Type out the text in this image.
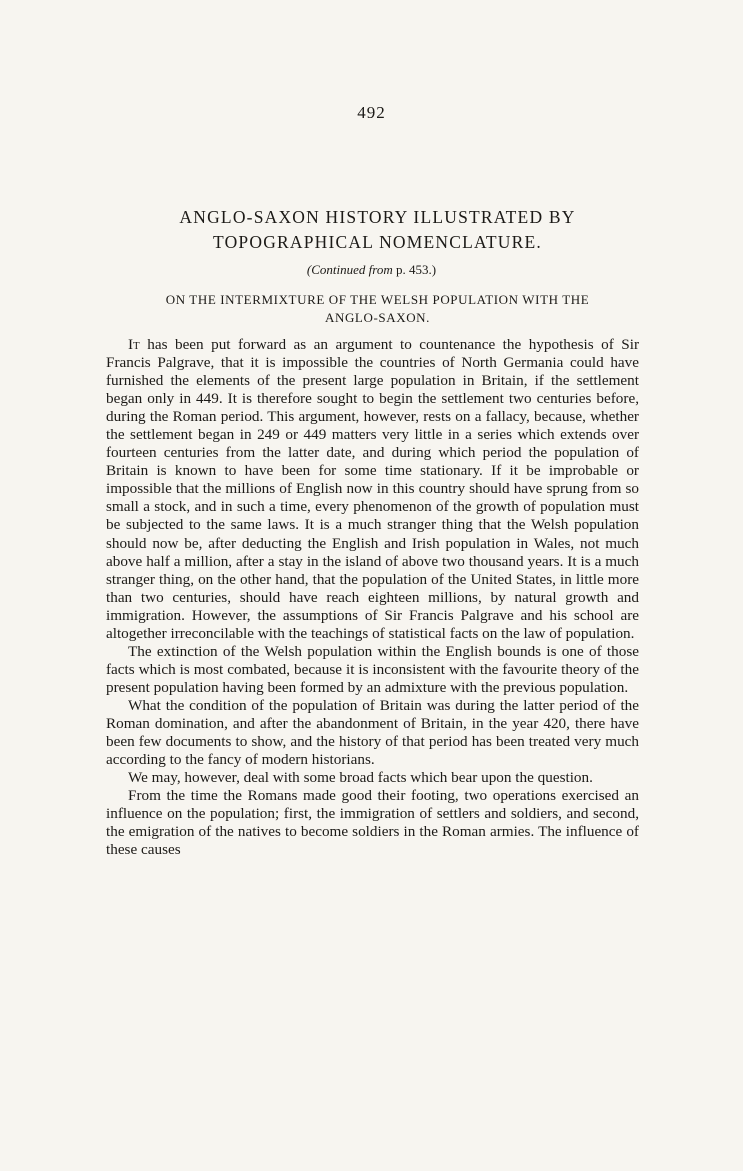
492
ANGLO-SAXON HISTORY ILLUSTRATED BY
TOPOGRAPHICAL NOMENCLATURE.
(Continued from p. 453.)
ON THE INTERMIXTURE OF THE WELSH POPULATION WITH THE
ANGLO-SAXON.

It has been put forward as an argument to countenance the hypothesis of Sir Francis Palgrave, that it is impossible the countries of North Germania could have furnished the elements of the present large population in Britain, if the settlement began only in 449. It is therefore sought to begin the settlement two centuries before, during the Roman period. This argument, however, rests on a fallacy, because, whether the settlement began in 249 or 449 matters very little in a series which extends over fourteen centuries from the latter date, and during which period the population of Britain is known to have been for some time stationary. If it be improbable or impossible that the millions of English now in this country should have sprung from so small a stock, and in such a time, every phenomenon of the growth of population must be subjected to the same laws. It is a much stranger thing that the Welsh population should now be, after deducting the English and Irish population in Wales, not much above half a million, after a stay in the island of above two thousand years. It is a much stranger thing, on the other hand, that the population of the United States, in little more than two centuries, should have reach eighteen millions, by natural growth and immigration. However, the assumptions of Sir Francis Palgrave and his school are altogether irreconcilable with the teachings of statistical facts on the law of population.

The extinction of the Welsh population within the English bounds is one of those facts which is most combated, because it is inconsistent with the favourite theory of the present population having been formed by an admixture with the previous population.

What the condition of the population of Britain was during the latter period of the Roman domination, and after the abandonment of Britain, in the year 420, there have been few documents to show, and the history of that period has been treated very much according to the fancy of modern historians.

We may, however, deal with some broad facts which bear upon the question.

From the time the Romans made good their footing, two operations exercised an influence on the population; first, the immigration of settlers and soldiers, and second, the emigration of the natives to become soldiers in the Roman armies. The influence of these causes
